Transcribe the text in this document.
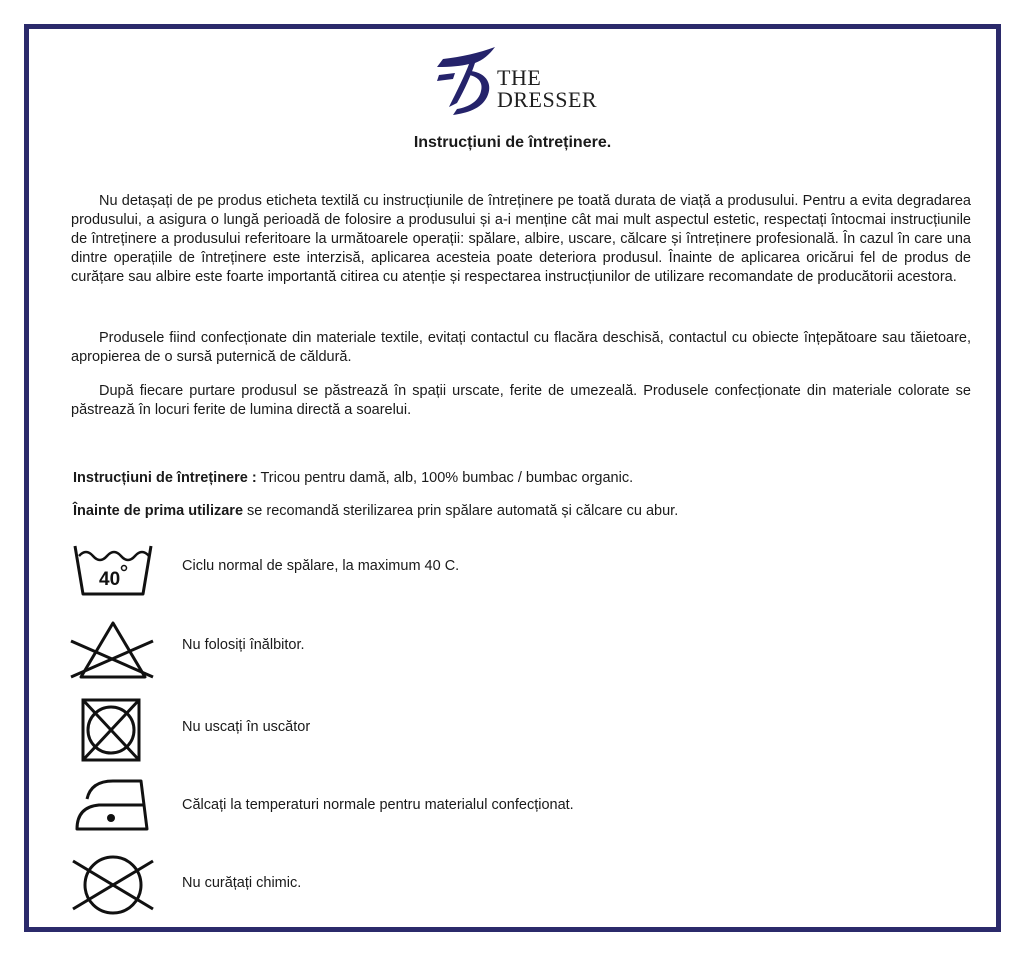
THE
DRESSER
Instrucțiuni de întreținere.

Nu detașați de pe produs eticheta textilă cu instrucțiunile de întreținere pe toată durata de viață a produsului. Pentru a evita degradarea produsului, a asigura o lungă perioadă de folosire a produsului și a-i menține cât mai mult aspectul estetic, respectați întocmai instrucțiunile de întreținere a produsului referitoare la următoarele operații: spălare, albire, uscare, călcare și întreținere profesională. În cazul în care una dintre operațiile de întreținere este interzisă, aplicarea acesteia poate deteriora produsul. Înainte de aplicarea oricărui fel de produs de curățare sau albire este foarte importantă citirea cu atenție și respectarea instrucțiunilor de utilizare recomandate de producătorii acestora.

Produsele fiind confecționate din materiale textile, evitați contactul cu flacăra deschisă, contactul cu obiecte înțepătoare sau tăietoare, apropierea de o sursă puternică de căldură.

După fiecare purtare produsul se păstrează în spații urscate, ferite de umezeală. Produsele confecționate din materiale colorate se păstrează în locuri ferite de lumina directă a soarelui.

Instrucțiuni de întreținere : Tricou pentru damă, alb, 100% bumbac / bumbac organic.
Înainte de prima utilizare se recomandă sterilizarea prin spălare automată și călcare cu abur.
40
Ciclu normal de spălare, la maximum 40 C.
Nu folosiți înălbitor.
Nu uscați în uscător
Călcați la temperaturi normale pentru materialul confecționat.
Nu curățați chimic.
